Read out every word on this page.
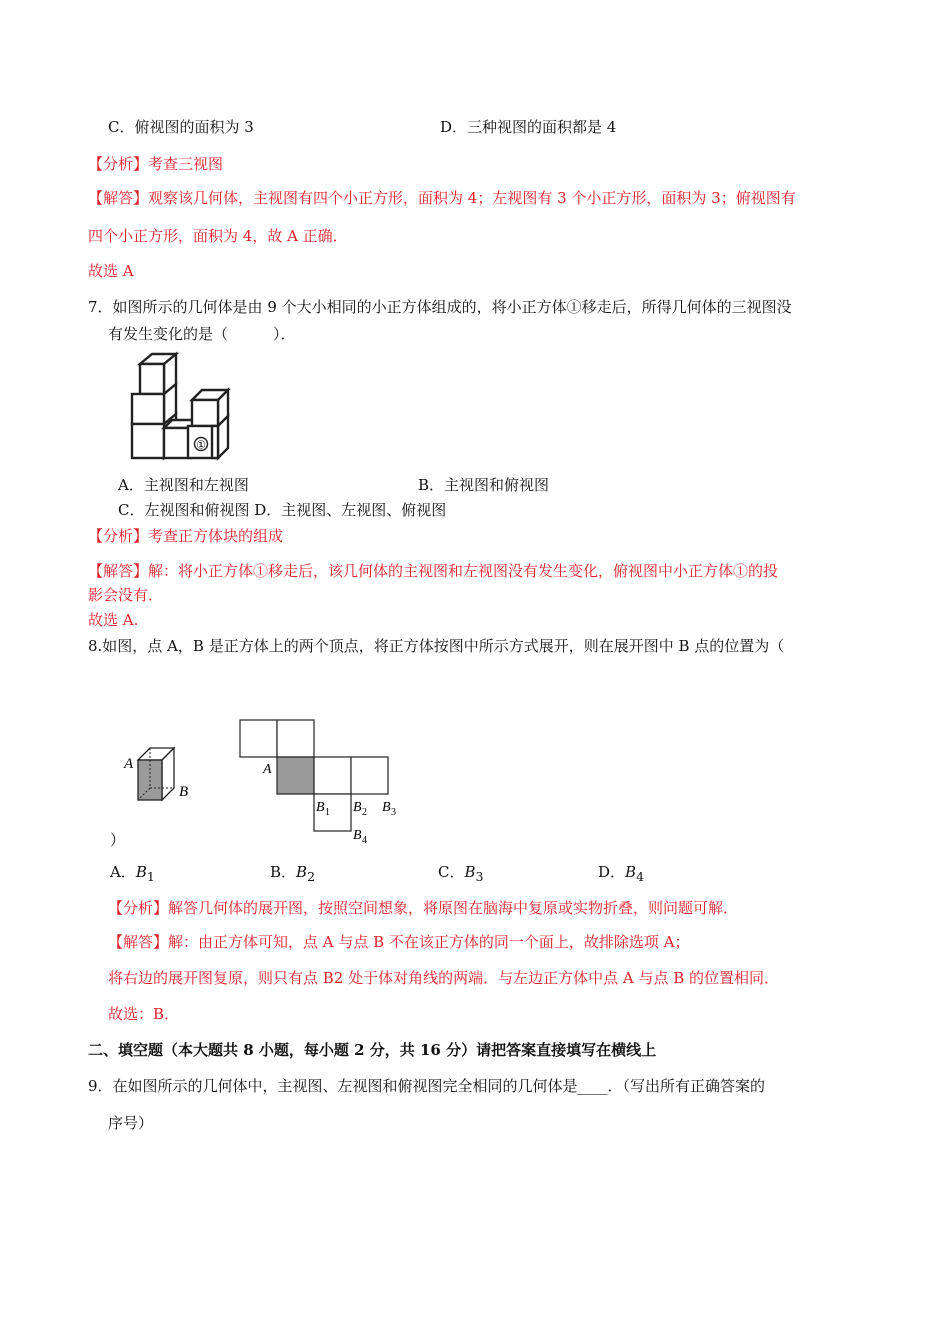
C．俯视图的面积为 3	D．三种视图的面积都是 4
【分析】考查三视图
【解答】观察该几何体，主视图有四个小正方形，面积为 4；左视图有 3 个小正方形，面积为 3；俯视图有
四个小正方形，面积为 4，故 A 正确．
故选 A
7．如图所示的几何体是由 9 个大小相同的小正方体组成的，将小正方体①移走后，所得几何体的三视图没
有发生变化的是（　　　）．
①
A．主视图和左视图	B．主视图和俯视图
C．左视图和俯视图 D．主视图、左视图、俯视图
【分析】考查正方体块的组成
【解答】解：将小正方体①移走后，该几何体的主视图和左视图没有发生变化，俯视图中小正方体①的投
影会没有．
故选 A.
8.如图，点 A，B 是正方体上的两个顶点，将正方体按图中所示方式展开，则在展开图中 B 点的位置为（
A
B
A
B 1 B 2 B 3
B 4
）
A．$B_1$	B．$B_2$	C．$B_3$	D．$B_4$
【分析】解答几何体的展开图，按照空间想象，将原图在脑海中复原或实物折叠，则问题可解．
【解答】解：由正方体可知，点 A 与点 B 不在该正方体的同一个面上，故排除选项 A；
将右边的展开图复原，则只有点 B2 处于体对角线的两端．与左边正方体中点 A 与点 B 的位置相同．
故选：B．
二、填空题（本大题共 8 小题，每小题 2 分，共 16 分）请把答案直接填写在横线上
9．在如图所示的几何体中，主视图、左视图和俯视图完全相同的几何体是____．（写出所有正确答案的
序号）
